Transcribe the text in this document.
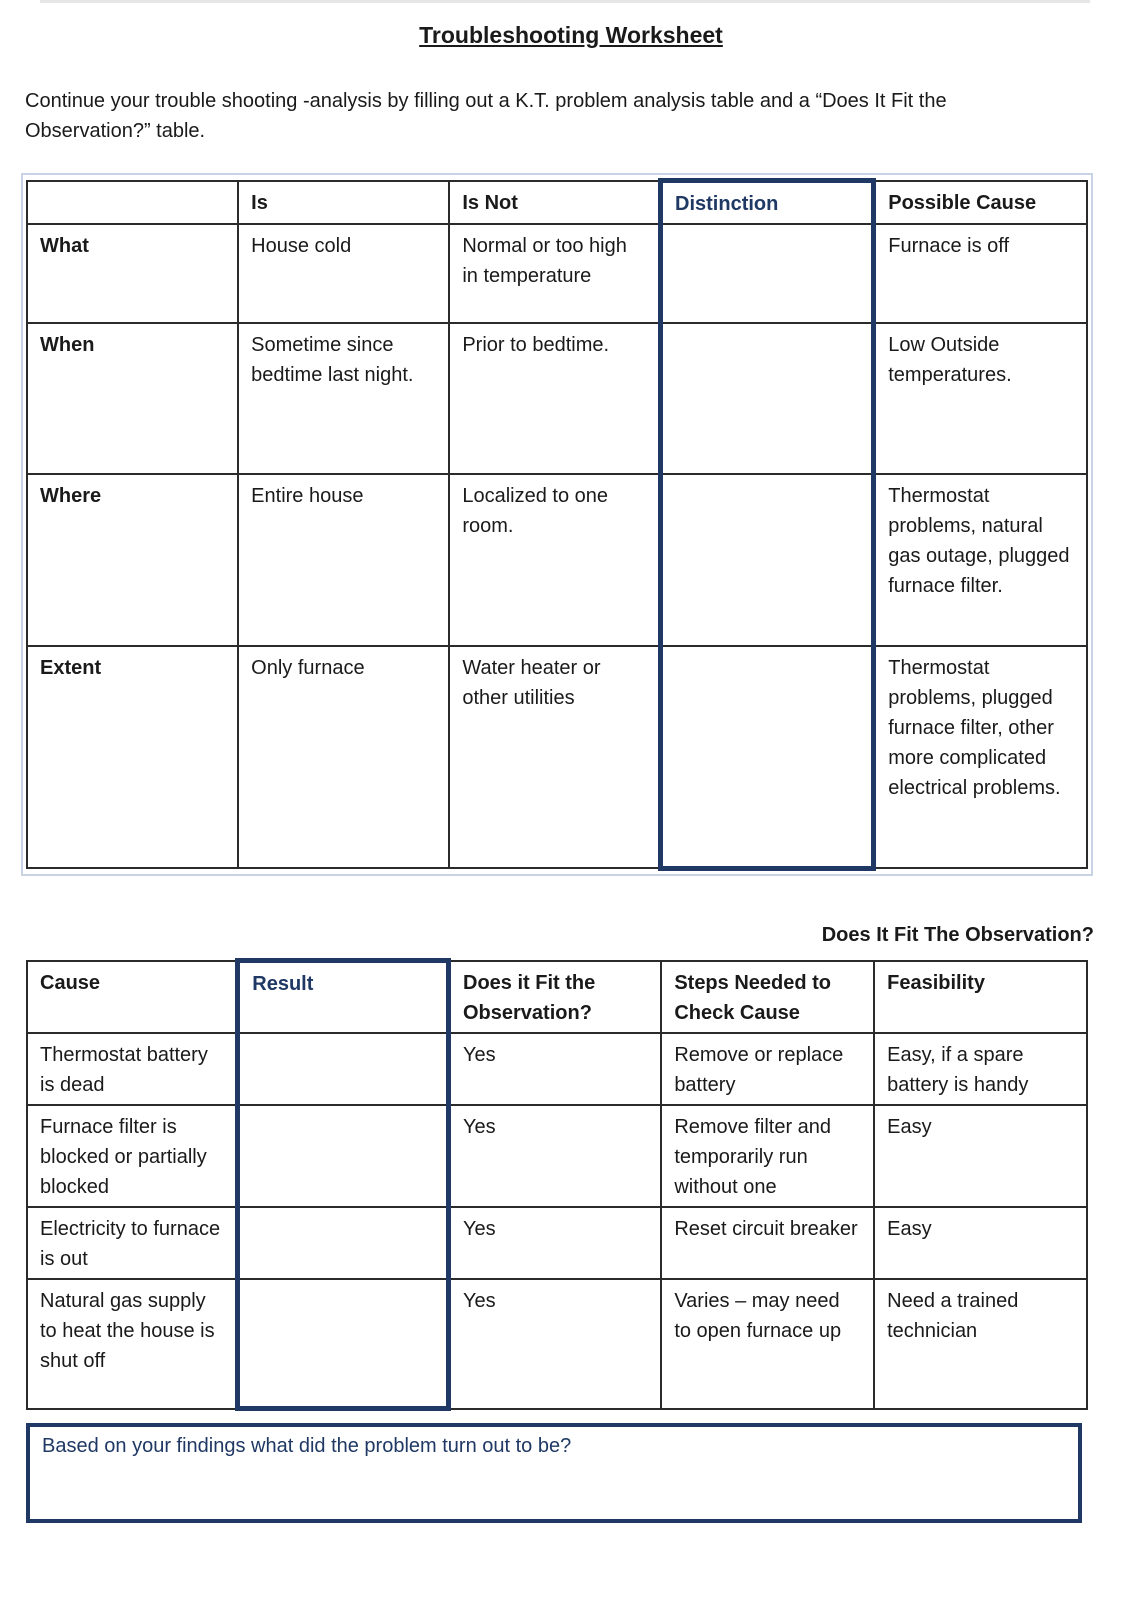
Troubleshooting Worksheet
Continue your trouble shooting -analysis by filling out a K.T. problem analysis table and a “Does It Fit the Observation?” table.
	Is	Is Not	Distinction	Possible Cause
What	House cold	Normal or too high in temperature		Furnace is off
When	Sometime since bedtime last night.	Prior to bedtime.		Low Outside temperatures.
Where	Entire house	Localized to one room.		Thermostat problems, natural gas outage, plugged furnace filter.
Extent	Only furnace	Water heater or other utilities		Thermostat problems, plugged furnace filter, other more complicated electrical problems.
Does It Fit The Observation?
Cause	Result	Does it Fit the Observation?	Steps Needed to Check Cause	Feasibility
Thermostat battery is dead		Yes	Remove or replace battery	Easy, if a spare battery is handy
Furnace filter is blocked or partially blocked		Yes	Remove filter and temporarily run without one	Easy
Electricity to furnace is out		Yes	Reset circuit breaker	Easy
Natural gas supply to heat the house is shut off		Yes	Varies – may need to open furnace up	Need a trained technician
Based on your findings what did the problem turn out to be?
